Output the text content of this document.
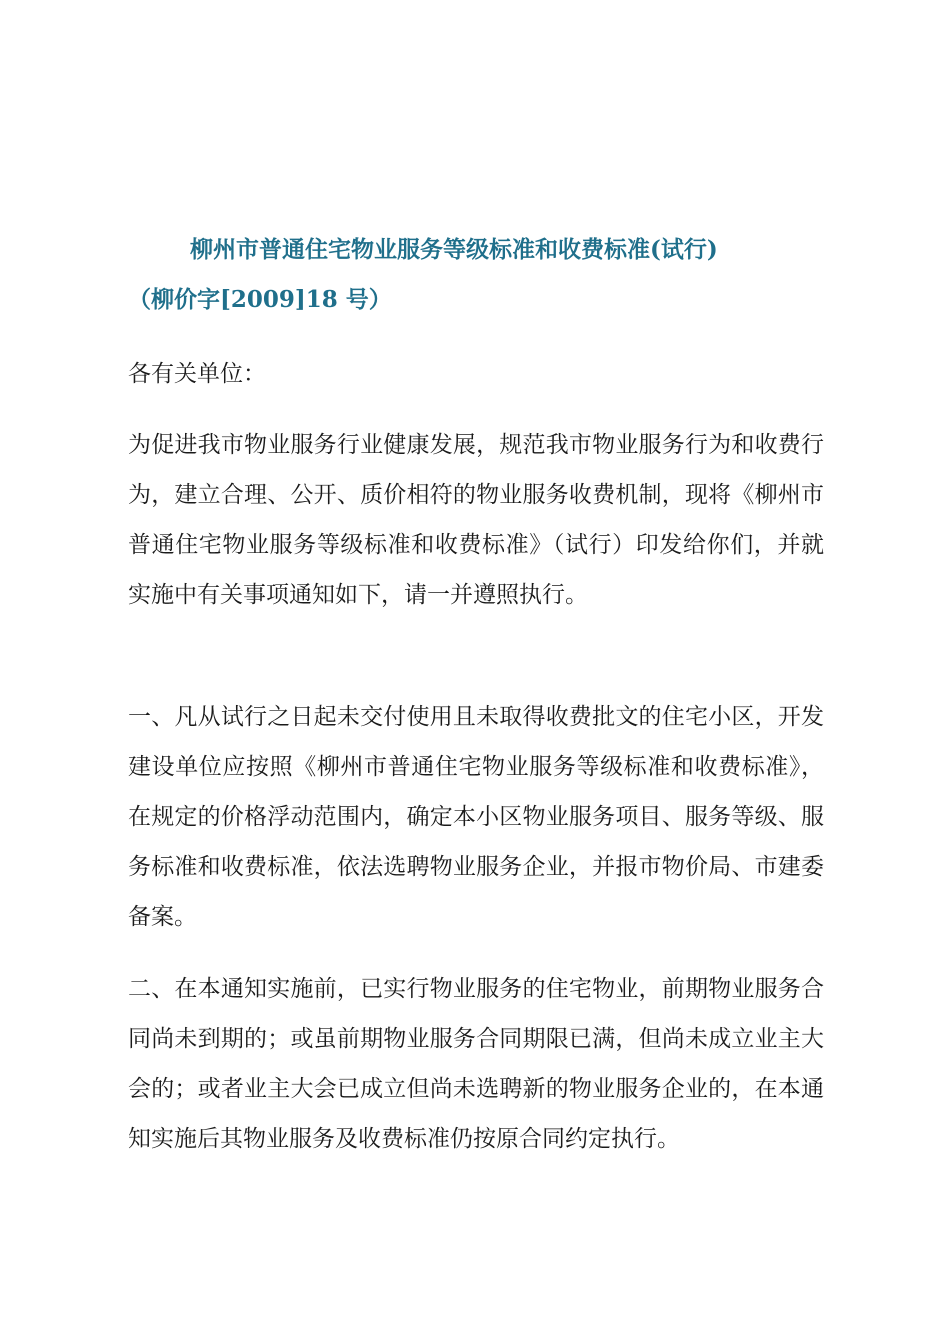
柳州市普通住宅物业服务等级标准和收费标准(试行)
（柳价字[2009]18 号）

各有关单位：

为促进我市物业服务行业健康发展，规范我市物业服务行为和收费行为，建立合理、公开、质价相符的物业服务收费机制，现将《柳州市普通住宅物业服务等级标准和收费标准》（试行）印发给你们，并就实施中有关事项通知如下，请一并遵照执行。

一、凡从试行之日起未交付使用且未取得收费批文的住宅小区，开发建设单位应按照《柳州市普通住宅物业服务等级标准和收费标准》，在规定的价格浮动范围内，确定本小区物业服务项目、服务等级、服务标准和收费标准，依法选聘物业服务企业，并报市物价局、市建委备案。

二、在本通知实施前，已实行物业服务的住宅物业，前期物业服务合同尚未到期的；或虽前期物业服务合同期限已满，但尚未成立业主大会的；或者业主大会已成立但尚未选聘新的物业服务企业的，在本通知实施后其物业服务及收费标准仍按原合同约定执行。
